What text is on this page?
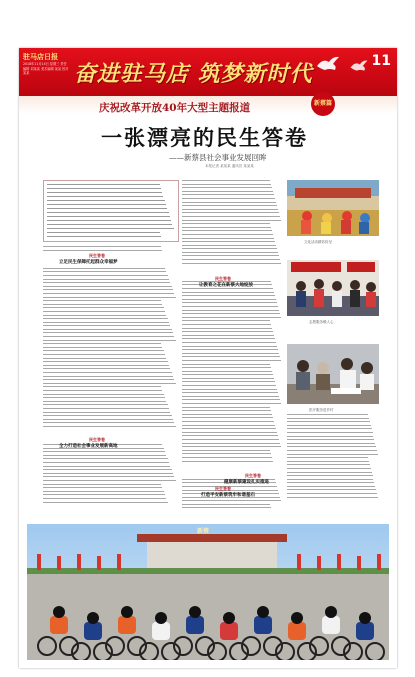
驻马店日报
2018年11月14日 星期三 责任编辑 刘某某 美术编辑 某某 校对 某某	奋进驻马店 筑梦新时代	11
庆祝改革开放40年大型主题报道	新蔡篇
一张漂亮的民生答卷
——新蔡县社会事业发展回眸
本报记者 某某某 通讯员 某某某
民生答卷
立足民生保障托起群众幸福梦
民生答卷
全力打造社会事业发展新高地
民生答卷
让教育之花在新蔡大地绽放
民生答卷
健康新蔡建设扎实推进
文化活动精彩纷呈
志愿服务暖人心
医疗服务进乡村
民生答卷
打造平安新蔡筑牢和谐基石
新蔡
